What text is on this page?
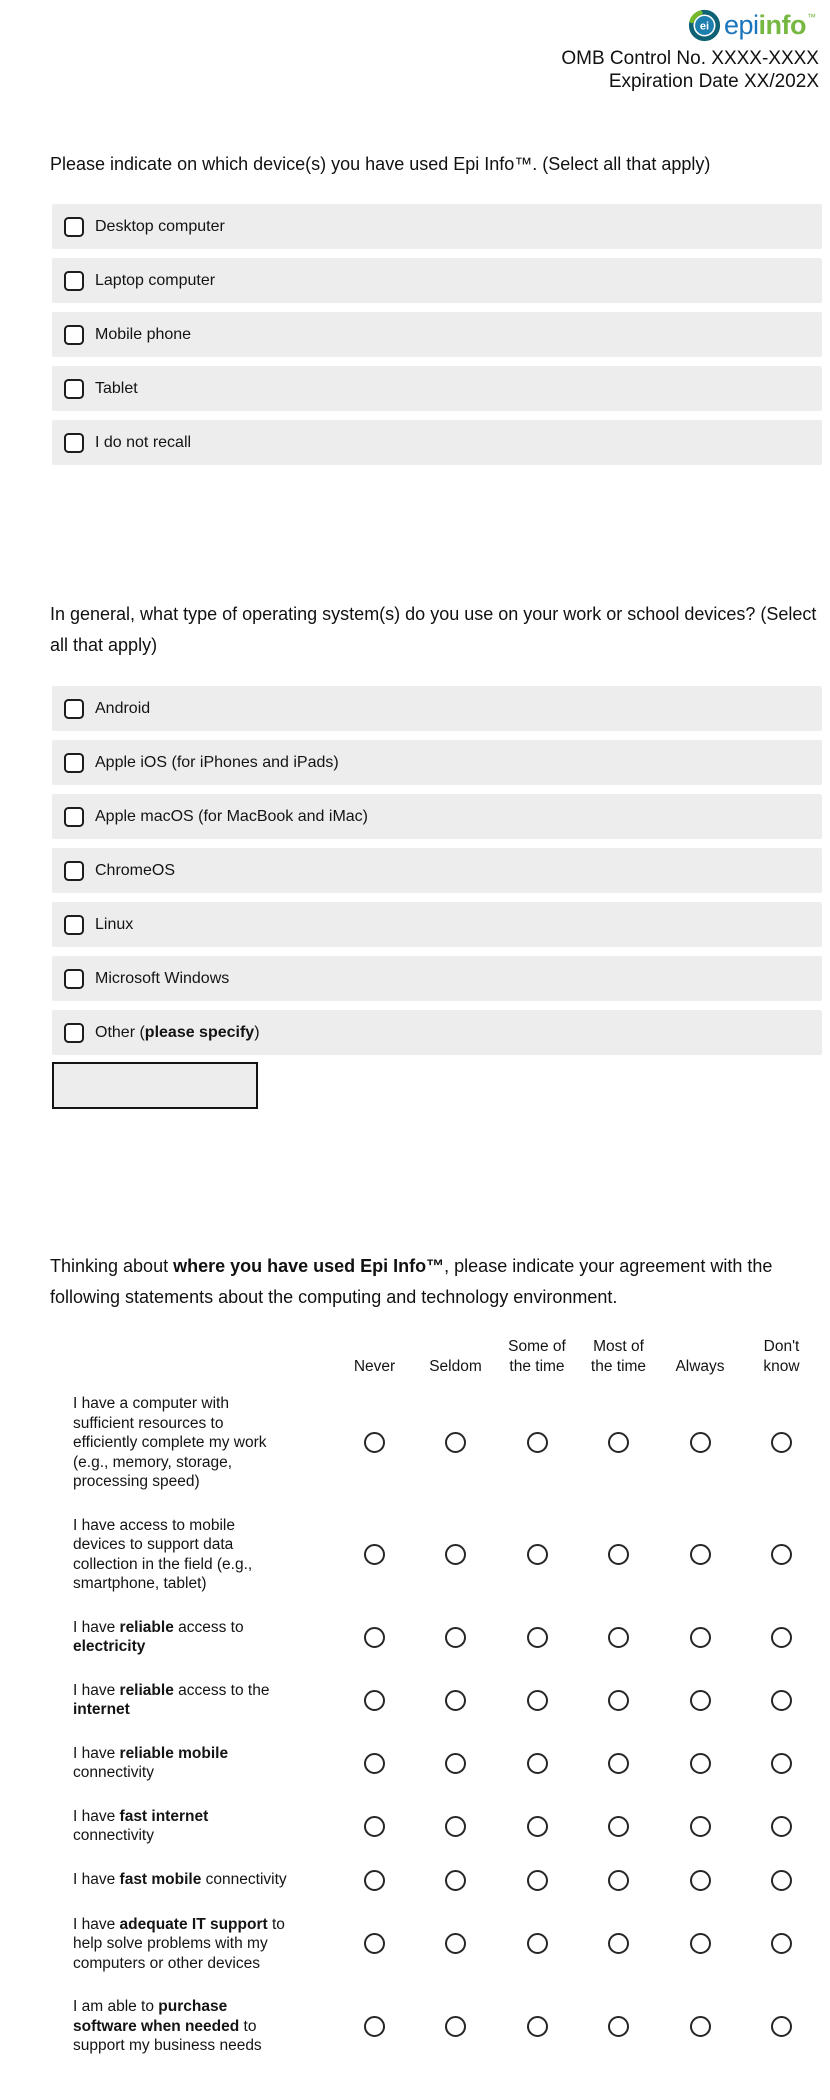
ei epiinfo ™
OMB Control No. XXXX-XXXX
Expiration Date XX/202X
Please indicate on which device(s) you have used Epi Info™. (Select all that apply)
Desktop computer
Laptop computer
Mobile phone
Tablet
I do not recall
In general, what type of operating system(s) do you use on your work or school devices? (Select all that apply)
Android
Apple iOS (for iPhones and iPads)
Apple macOS (for MacBook and iMac)
ChromeOS
Linux
Microsoft Windows
Other (please specify)
Thinking about where you have used Epi Info™, please indicate your agreement with the following statements about the computing and technology environment.

	Never	Seldom	Some of the time	Most of the time	Always	Don't know

I have a computer with sufficient resources to efficiently complete my work (e.g., memory, storage, processing speed)						

I have access to mobile devices to support data collection in the field (e.g., smartphone, tablet)						

I have reliable access to electricity						

I have reliable access to the internet						

I have reliable mobile connectivity						

I have fast internet connectivity						

I have fast mobile connectivity						

I have adequate IT support to help solve problems with my computers or other devices						

I am able to purchase software when needed to support my business needs						
